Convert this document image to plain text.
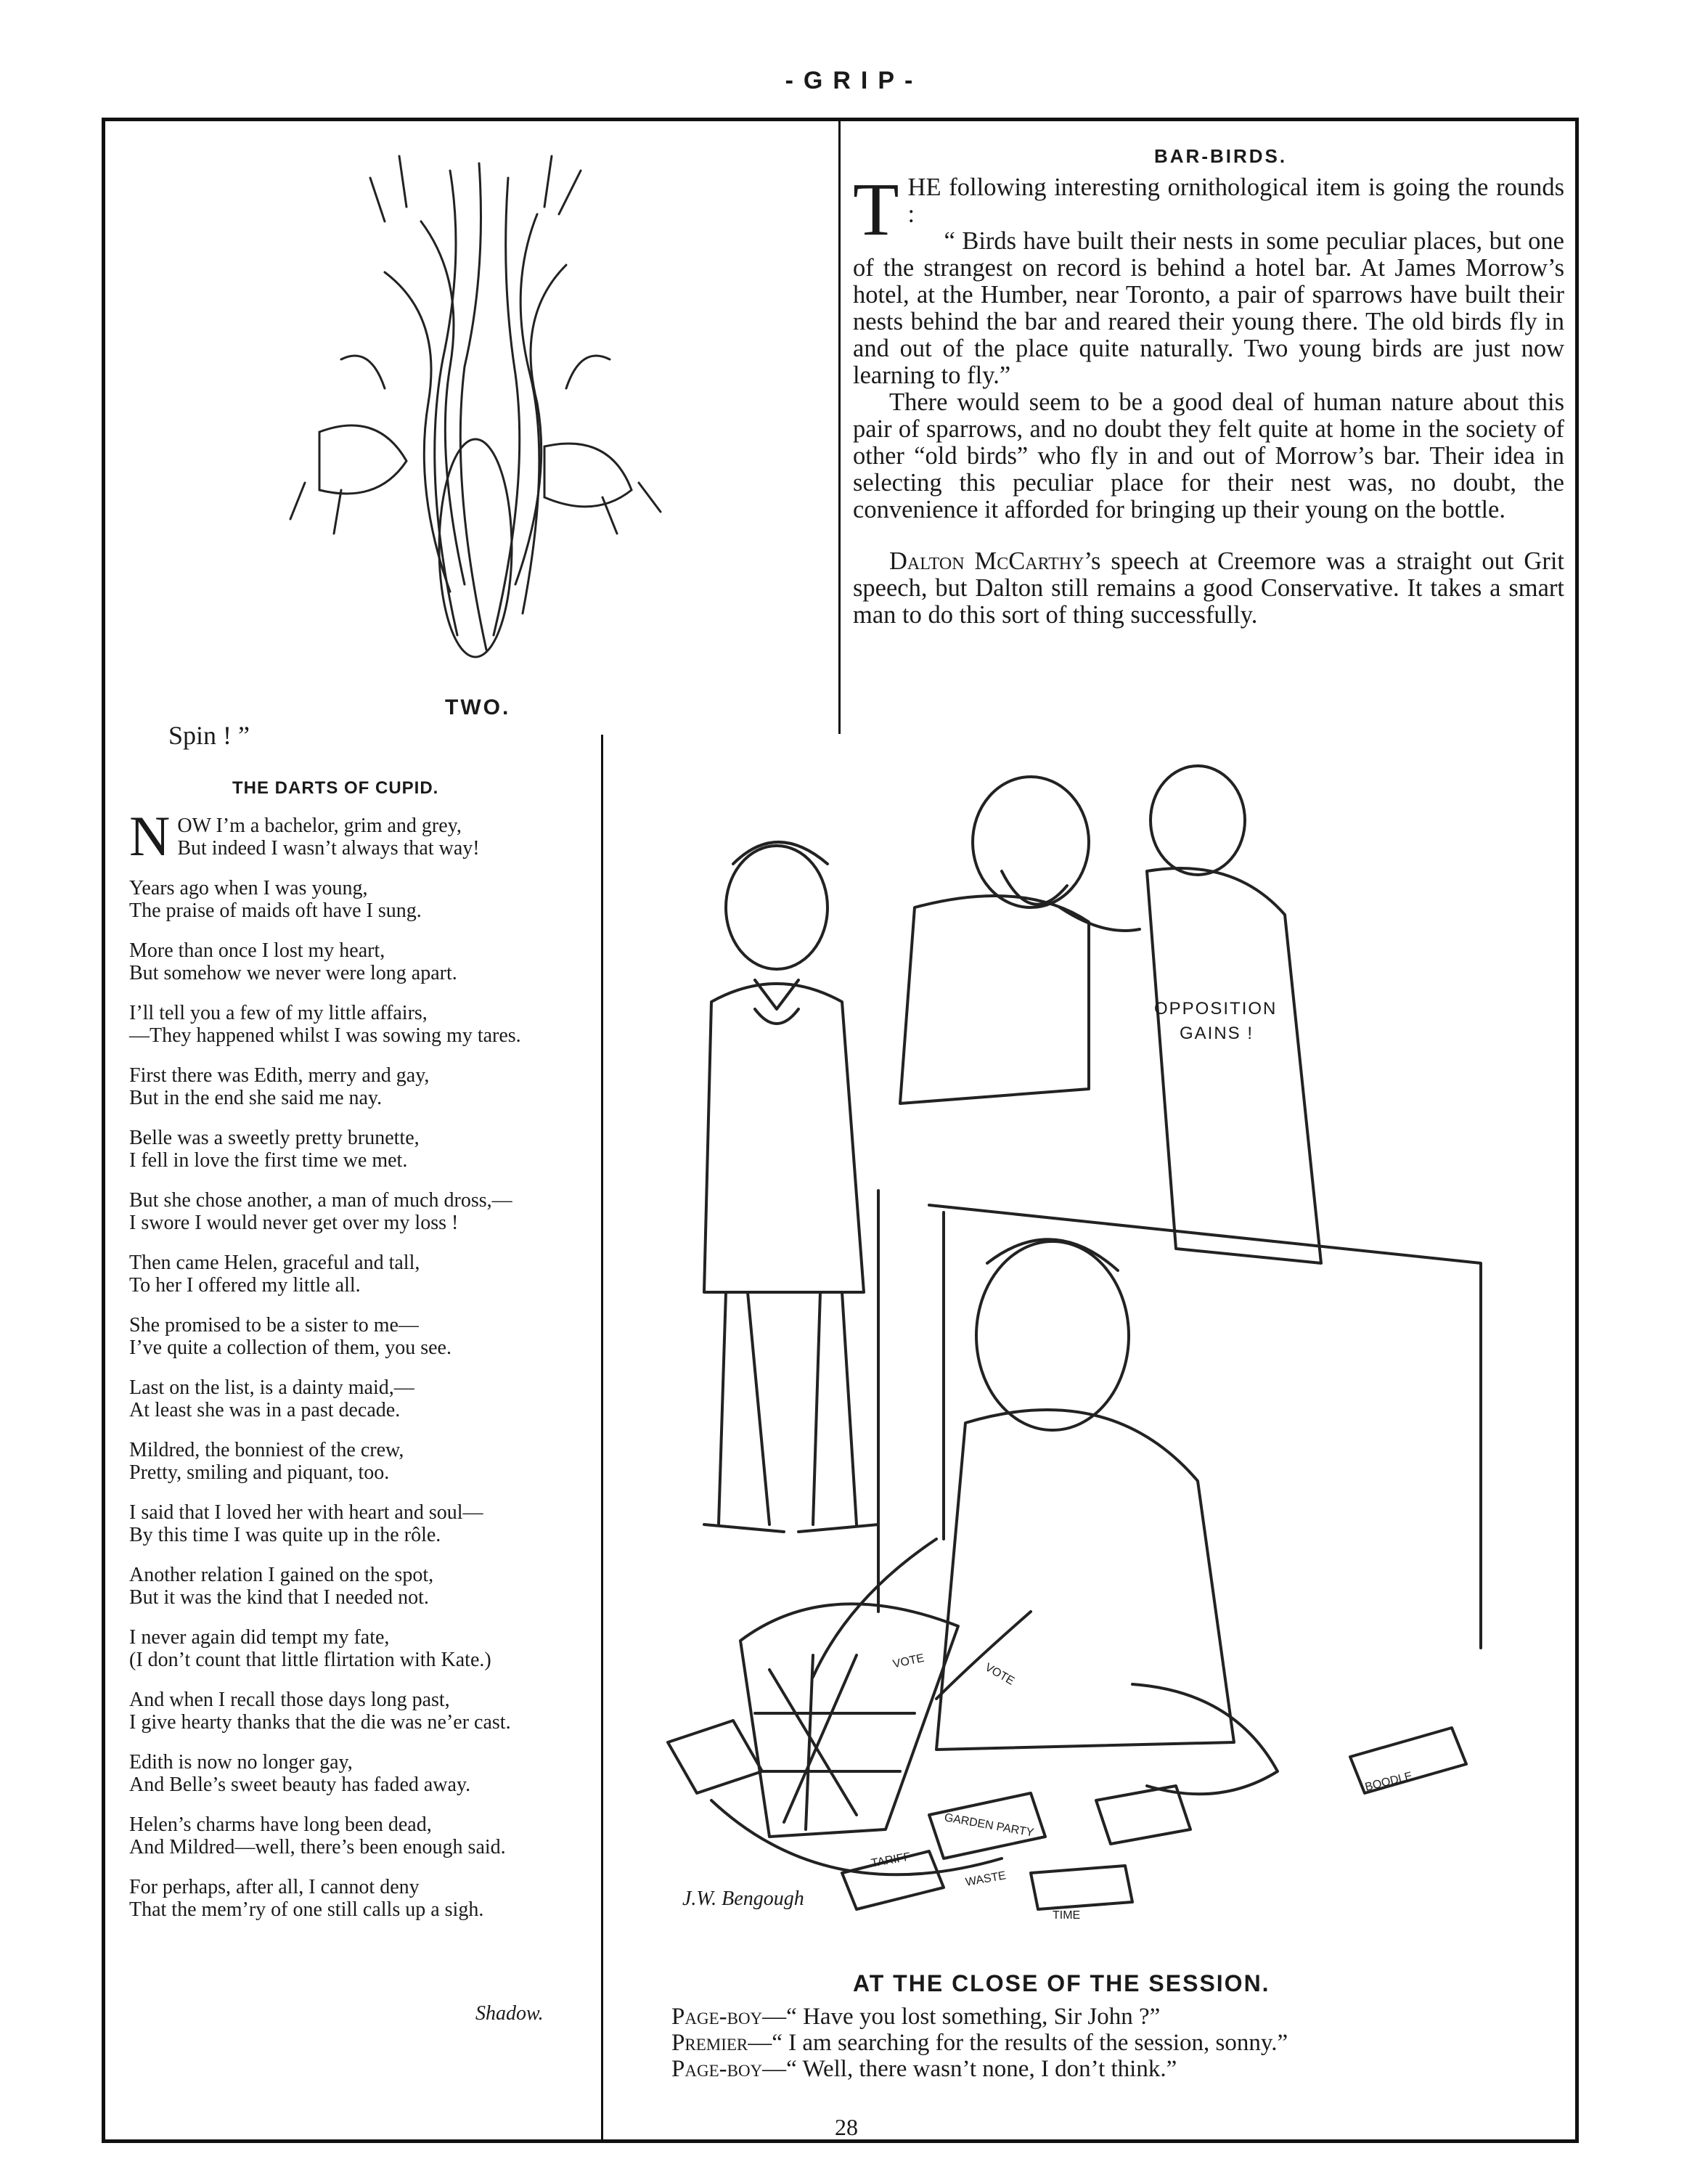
-GRIP-
TWO.
Spin ! ”
BAR-BIRDS.

THE following interesting ornithological item is going the rounds :

“ Birds have built their nests in some peculiar places, but one of the strangest on record is behind a hotel bar. At James Morrow’s hotel, at the Humber, near Toronto, a pair of sparrows have built their nests behind the bar and reared their young there. The old birds fly in and out of the place quite naturally. Two young birds are just now learning to fly.”

There would seem to be a good deal of human nature about this pair of sparrows, and no doubt they felt quite at home in the society of other “old birds” who fly in and out of Morrow’s bar. Their idea in selecting this peculiar place for their nest was, no doubt, the convenience it afforded for bringing up their young on the bottle.

Dalton McCarthy’s speech at Creemore was a straight out Grit speech, but Dalton still remains a good Conservative. It takes a smart man to do this sort of thing successfully.

THE DARTS OF CUPID.
N OW I’m a bachelor, grim and grey,
But indeed I wasn’t always that way!
Years ago when I was young,
The praise of maids oft have I sung.
More than once I lost my heart,
But somehow we never were long apart.
I’ll tell you a few of my little affairs,
—They happened whilst I was sowing my tares.
First there was Edith, merry and gay,
But in the end she said me nay.
Belle was a sweetly pretty brunette,
I fell in love the first time we met.
But she chose another, a man of much dross,—
I swore I would never get over my loss !
Then came Helen, graceful and tall,
To her I offered my little all.
She promised to be a sister to me—
I’ve quite a collection of them, you see.
Last on the list, is a dainty maid,—
At least she was in a past decade.
Mildred, the bonniest of the crew,
Pretty, smiling and piquant, too.
I said that I loved her with heart and soul—
By this time I was quite up in the rôle.
Another relation I gained on the spot,
But it was the kind that I needed not.
I never again did tempt my fate,
(I don’t count that little flirtation with Kate.)
And when I recall those days long past,
I give hearty thanks that the die was ne’er cast.
Edith is now no longer gay,
And Belle’s sweet beauty has faded away.
Helen’s charms have long been dead,
And Mildred—well, there’s been enough said.
For perhaps, after all, I cannot deny
That the mem’ry of one still calls up a sigh.
Shadow.
OPPOSITION
GAINS !
VOTE	VOTE
GARDEN PARTY
TARIFF
WASTE
TIME
BOODLE
J.W. Bengough
AT THE CLOSE OF THE SESSION.
Page-boy—“ Have you lost something, Sir John ?”
Premier—“ I am searching for the results of the session, sonny.”
Page-boy—“ Well, there wasn’t none, I don’t think.”
28
